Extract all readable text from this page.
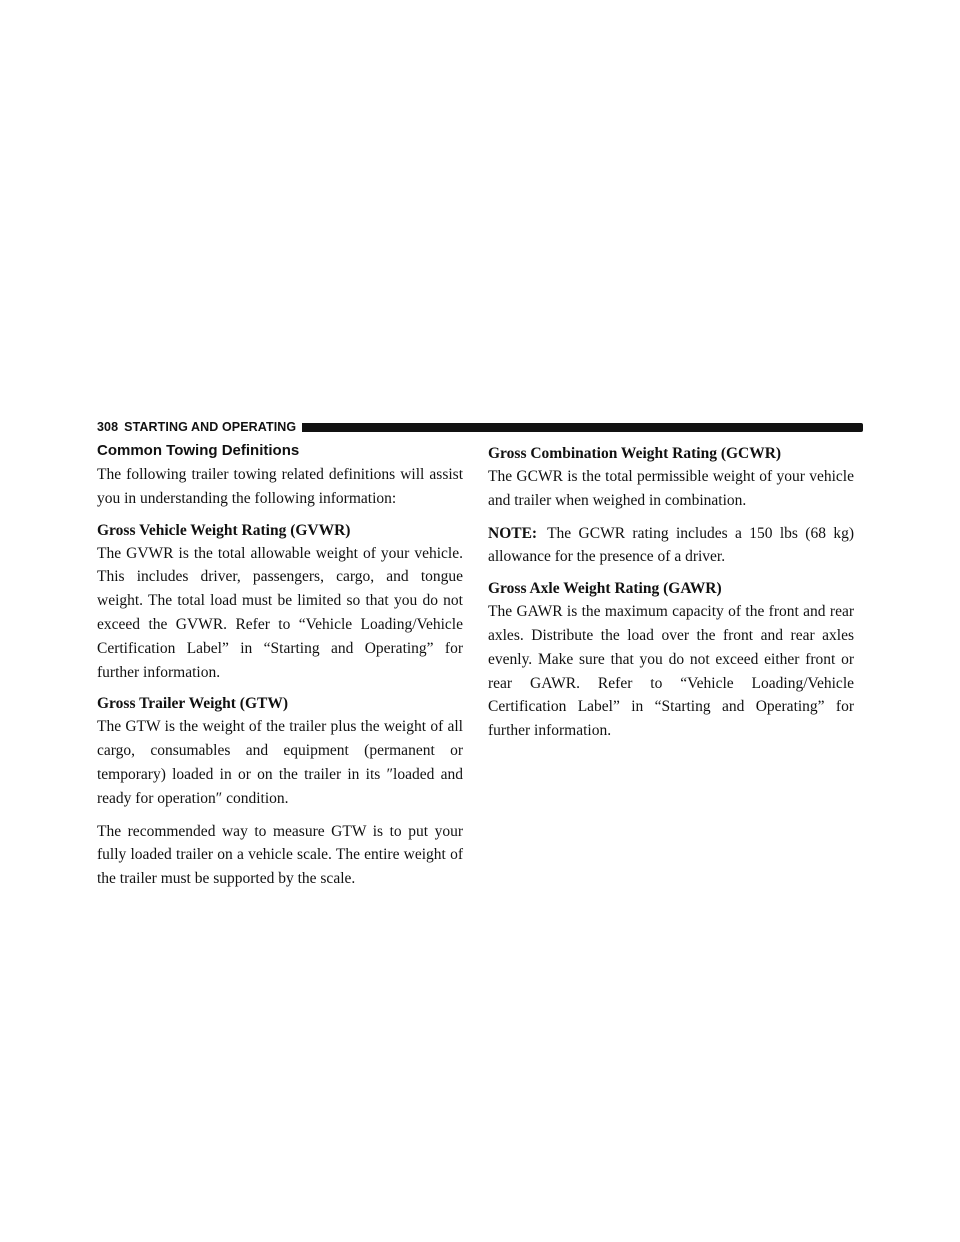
308 STARTING AND OPERATING
Common Towing Definitions

The following trailer towing related definitions will assist you in understanding the following information:

Gross Vehicle Weight Rating (GVWR)

The GVWR is the total allowable weight of your vehicle. This includes driver, passengers, cargo, and tongue weight. The total load must be limited so that you do not exceed the GVWR. Refer to “Vehicle Loading/Vehicle Certification Label” in “Starting and Operating” for further information.

Gross Trailer Weight (GTW)

The GTW is the weight of the trailer plus the weight of all cargo, consumables and equipment (permanent or temporary) loaded in or on the trailer in its ″loaded and ready for operation″ condition.

The recommended way to measure GTW is to put your fully loaded trailer on a vehicle scale. The entire weight of the trailer must be supported by the scale.

Gross Combination Weight Rating (GCWR)

The GCWR is the total permissible weight of your vehicle and trailer when weighed in combination.

NOTE: The GCWR rating includes a 150 lbs (68 kg) allowance for the presence of a driver.

Gross Axle Weight Rating (GAWR)

The GAWR is the maximum capacity of the front and rear axles. Distribute the load over the front and rear axles evenly. Make sure that you do not exceed either front or rear GAWR. Refer to “Vehicle Loading/Vehicle Certification Label” in “Starting and Operating” for further information.
